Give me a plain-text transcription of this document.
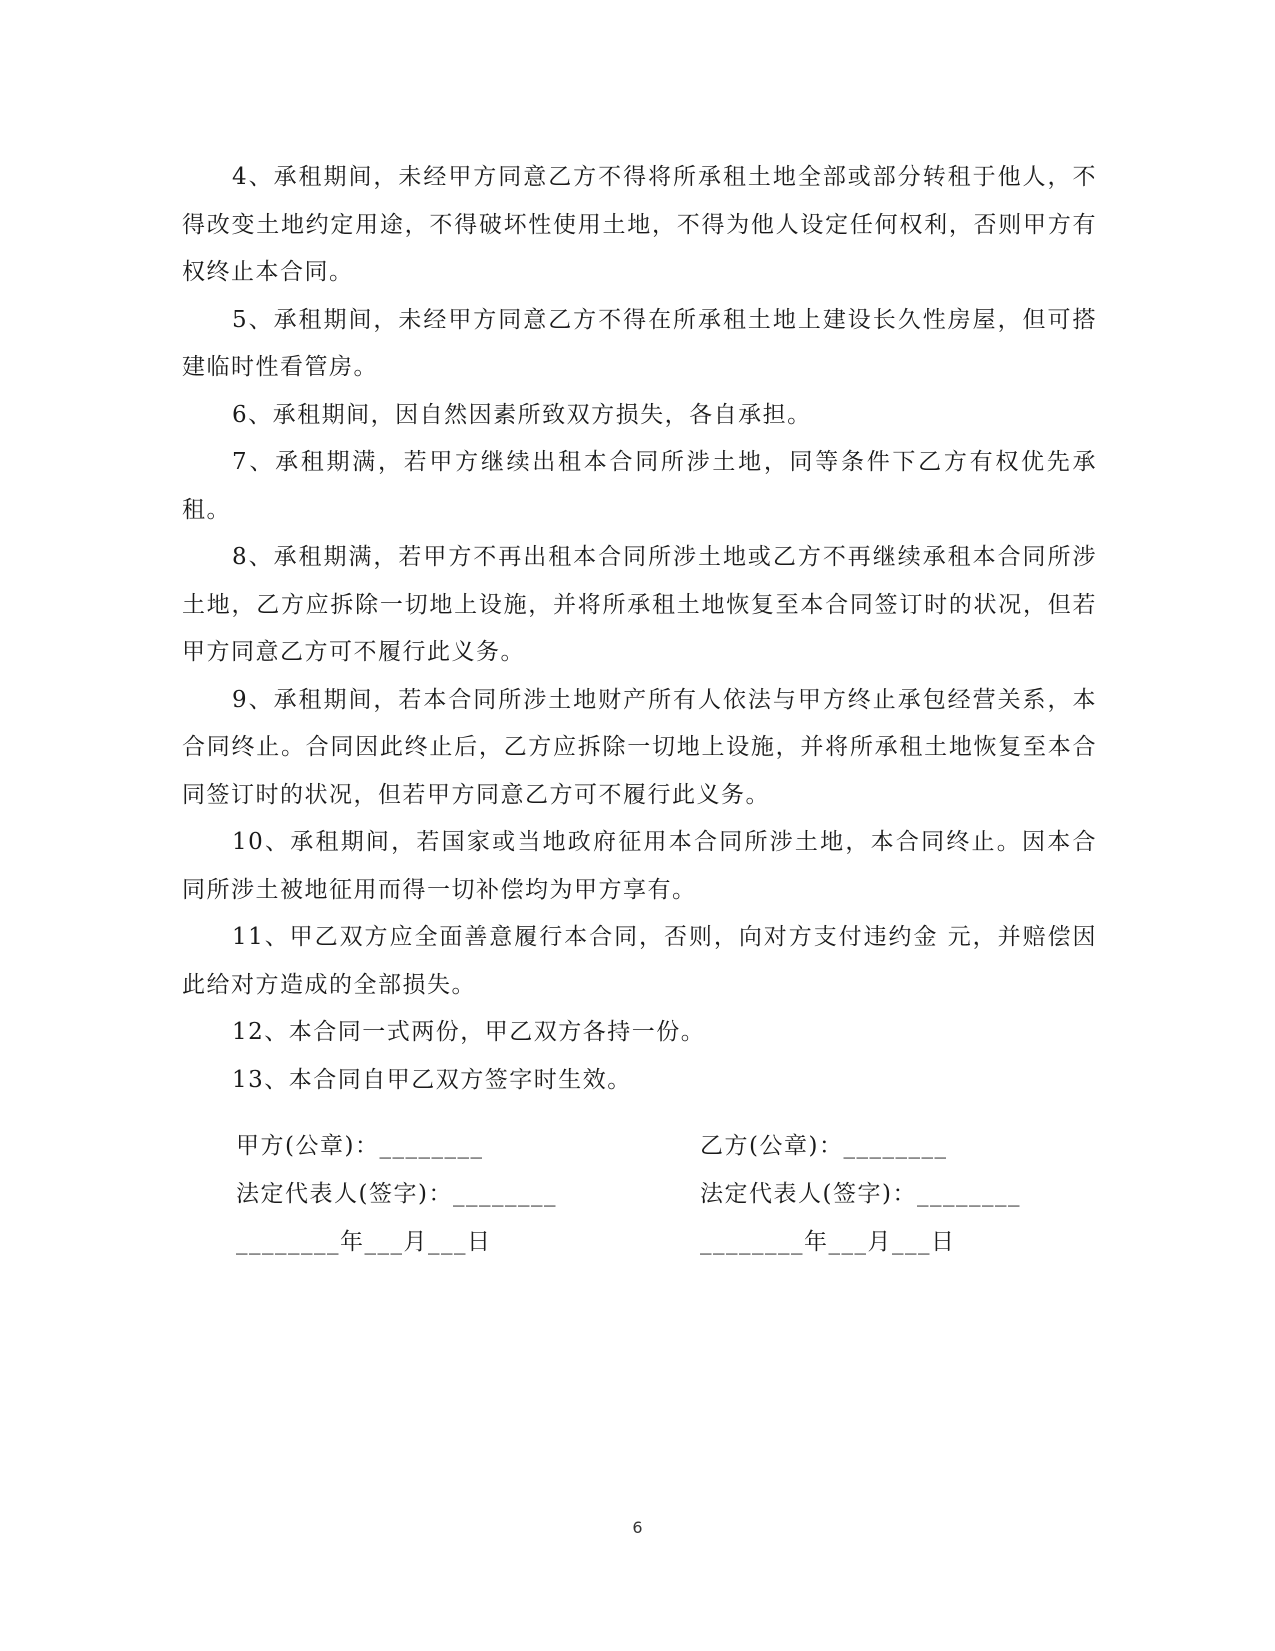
4、承租期间，未经甲方同意乙方不得将所承租土地全部或部分转租于他人，不得改变土地约定用途，不得破坏性使用土地，不得为他人设定任何权利，否则甲方有权终止本合同。

5、承租期间，未经甲方同意乙方不得在所承租土地上建设长久性房屋，但可搭建临时性看管房。

6、承租期间，因自然因素所致双方损失，各自承担。

7、承租期满，若甲方继续出租本合同所涉土地，同等条件下乙方有权优先承租。

8、承租期满，若甲方不再出租本合同所涉土地或乙方不再继续承租本合同所涉土地，乙方应拆除一切地上设施，并将所承租土地恢复至本合同签订时的状况，但若甲方同意乙方可不履行此义务。

9、承租期间，若本合同所涉土地财产所有人依法与甲方终止承包经营关系，本合同终止。合同因此终止后，乙方应拆除一切地上设施，并将所承租土地恢复至本合同签订时的状况，但若甲方同意乙方可不履行此义务。

10、承租期间，若国家或当地政府征用本合同所涉土地，本合同终止。因本合同所涉土被地征用而得一切补偿均为甲方享有。

11、甲乙双方应全面善意履行本合同，否则，向对方支付违约金 元，并赔偿因此给对方造成的全部损失。

12、本合同一式两份，甲乙双方各持一份。

13、本合同自甲乙双方签字时生效。

甲方(公章)：________
法定代表人(签字)：________
________年___月___日
乙方(公章)：________
法定代表人(签字)：________
________年___月___日
6
